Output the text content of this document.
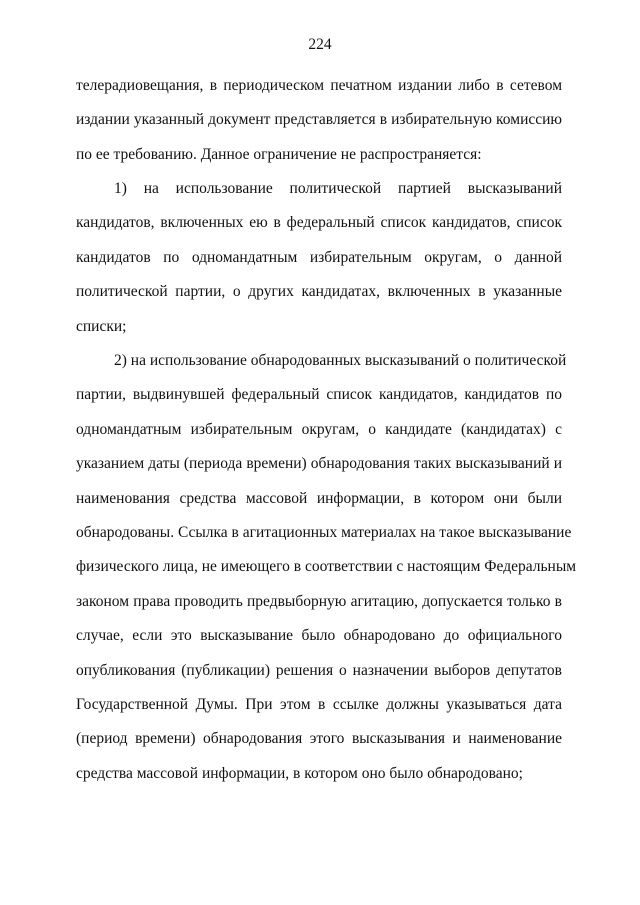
224
телерадиовещания, в периодическом печатном издании либо в сетевом
издании указанный документ представляется в избирательную комиссию
по ее требованию. Данное ограничение не распространяется:
1) на использование политической партией высказываний
кандидатов, включенных ею в федеральный список кандидатов, список
кандидатов по одномандатным избирательным округам, о данной
политической партии, о других кандидатах, включенных в указанные
списки;
2) на использование обнародованных высказываний о политической
партии, выдвинувшей федеральный список кандидатов, кандидатов по
одномандатным избирательным округам, о кандидате (кандидатах) с
указанием даты (периода времени) обнародования таких высказываний и
наименования средства массовой информации, в котором они были
обнародованы. Ссылка в агитационных материалах на такое высказывание
физического лица, не имеющего в соответствии с настоящим Федеральным
законом права проводить предвыборную агитацию, допускается только в
случае, если это высказывание было обнародовано до официального
опубликования (публикации) решения о назначении выборов депутатов
Государственной Думы. При этом в ссылке должны указываться дата
(период времени) обнародования этого высказывания и наименование
средства массовой информации, в котором оно было обнародовано;
